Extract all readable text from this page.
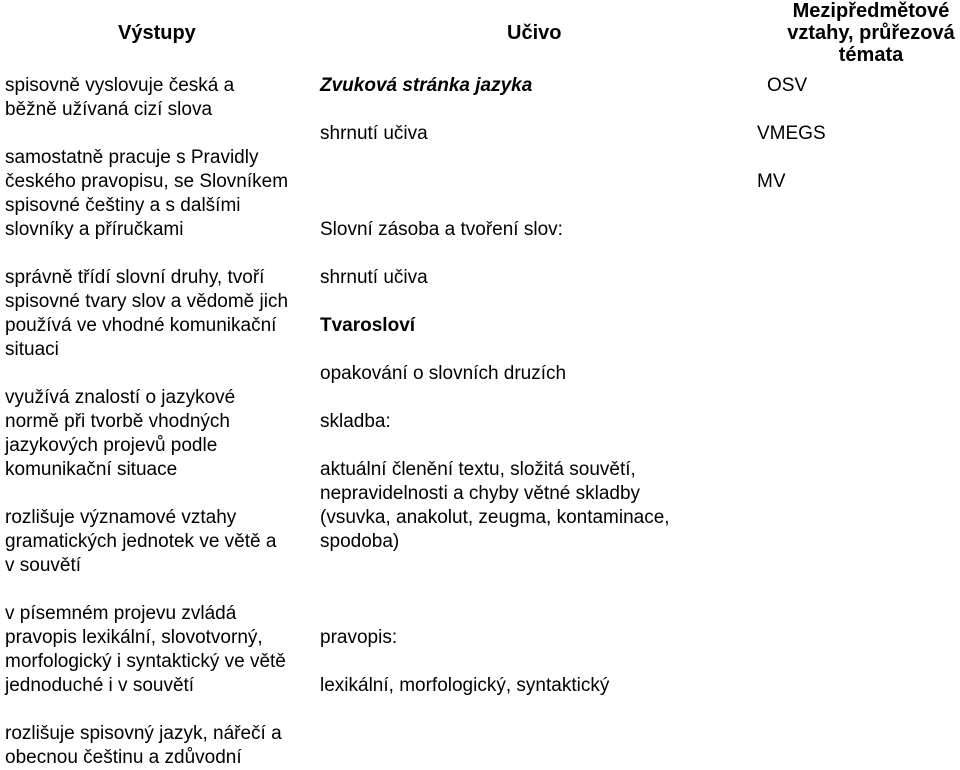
Výstupy	Učivo
Mezipředmětové
vztahy, průřezová
témata
spisovně vyslovuje česká a
běžně užívaná cizí slova
samostatně pracuje s Pravidly
českého pravopisu, se Slovníkem
spisovné češtiny a s dalšími
slovníky a příručkami
správně třídí slovní druhy, tvoří
spisovné tvary slov a vědomě jich
používá ve vhodné komunikační
situaci
využívá znalostí o jazykové
normě při tvorbě vhodných
jazykových projevů podle
komunikační situace
rozlišuje významové vztahy
gramatických jednotek ve větě a
v souvětí
v písemném projevu zvládá
pravopis lexikální, slovotvorný,
morfologický i syntaktický ve větě
jednoduché i v souvětí
rozlišuje spisovný jazyk, nářečí a
obecnou češtinu a zdůvodní
Zvuková stránka jazyka
shrnutí učiva
Slovní zásoba a tvoření slov:
shrnutí učiva
Tvarosloví
opakování o slovních druzích
skladba:
aktuální členění textu, složitá souvětí,
nepravidelnosti a chyby větné skladby
(vsuvka, anakolut, zeugma, kontaminace,
spodoba)
pravopis:
lexikální, morfologický, syntaktický
OSV
VMEGS
MV
